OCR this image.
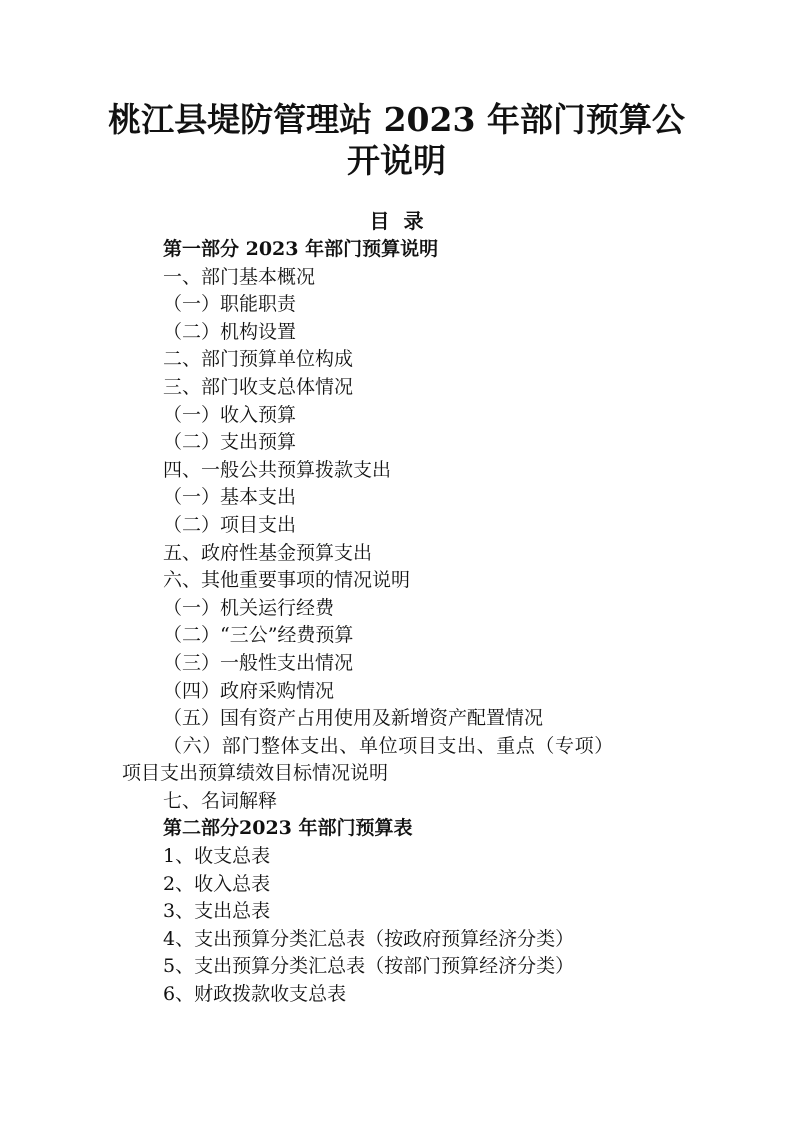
桃江县堤防管理站 2023 年部门预算公
开说明
目录
第一部分 2023 年部门预算说明
一、部门基本概况
（一）职能职责
（二）机构设置
二、部门预算单位构成
三、部门收支总体情况
（一）收入预算
（二）支出预算
四、一般公共预算拨款支出
（一）基本支出
（二）项目支出
五、政府性基金预算支出
六、其他重要事项的情况说明
（一）机关运行经费
（二）“三公”经费预算
（三）一般性支出情况
（四）政府采购情况
（五）国有资产占用使用及新增资产配置情况
（六）部门整体支出、单位项目支出、重点（专项）
项目支出预算绩效目标情况说明
七、名词解释
第二部分2023 年部门预算表
1、收支总表
2、收入总表
3、支出总表
4、支出预算分类汇总表（按政府预算经济分类）
5、支出预算分类汇总表（按部门预算经济分类）
6、财政拨款收支总表
